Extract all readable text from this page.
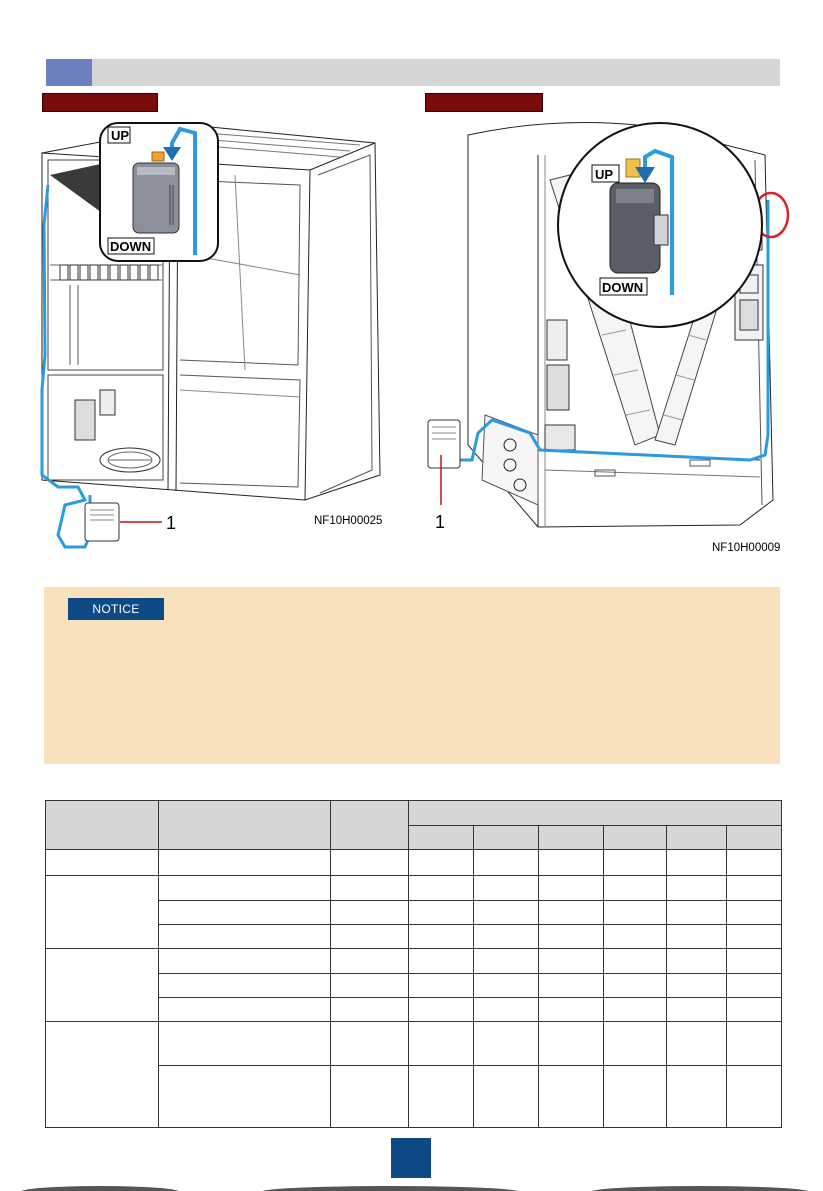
UP
DOWN
1	NF10H00025
UP
DOWN
1
NF10H00009
NOTICE
